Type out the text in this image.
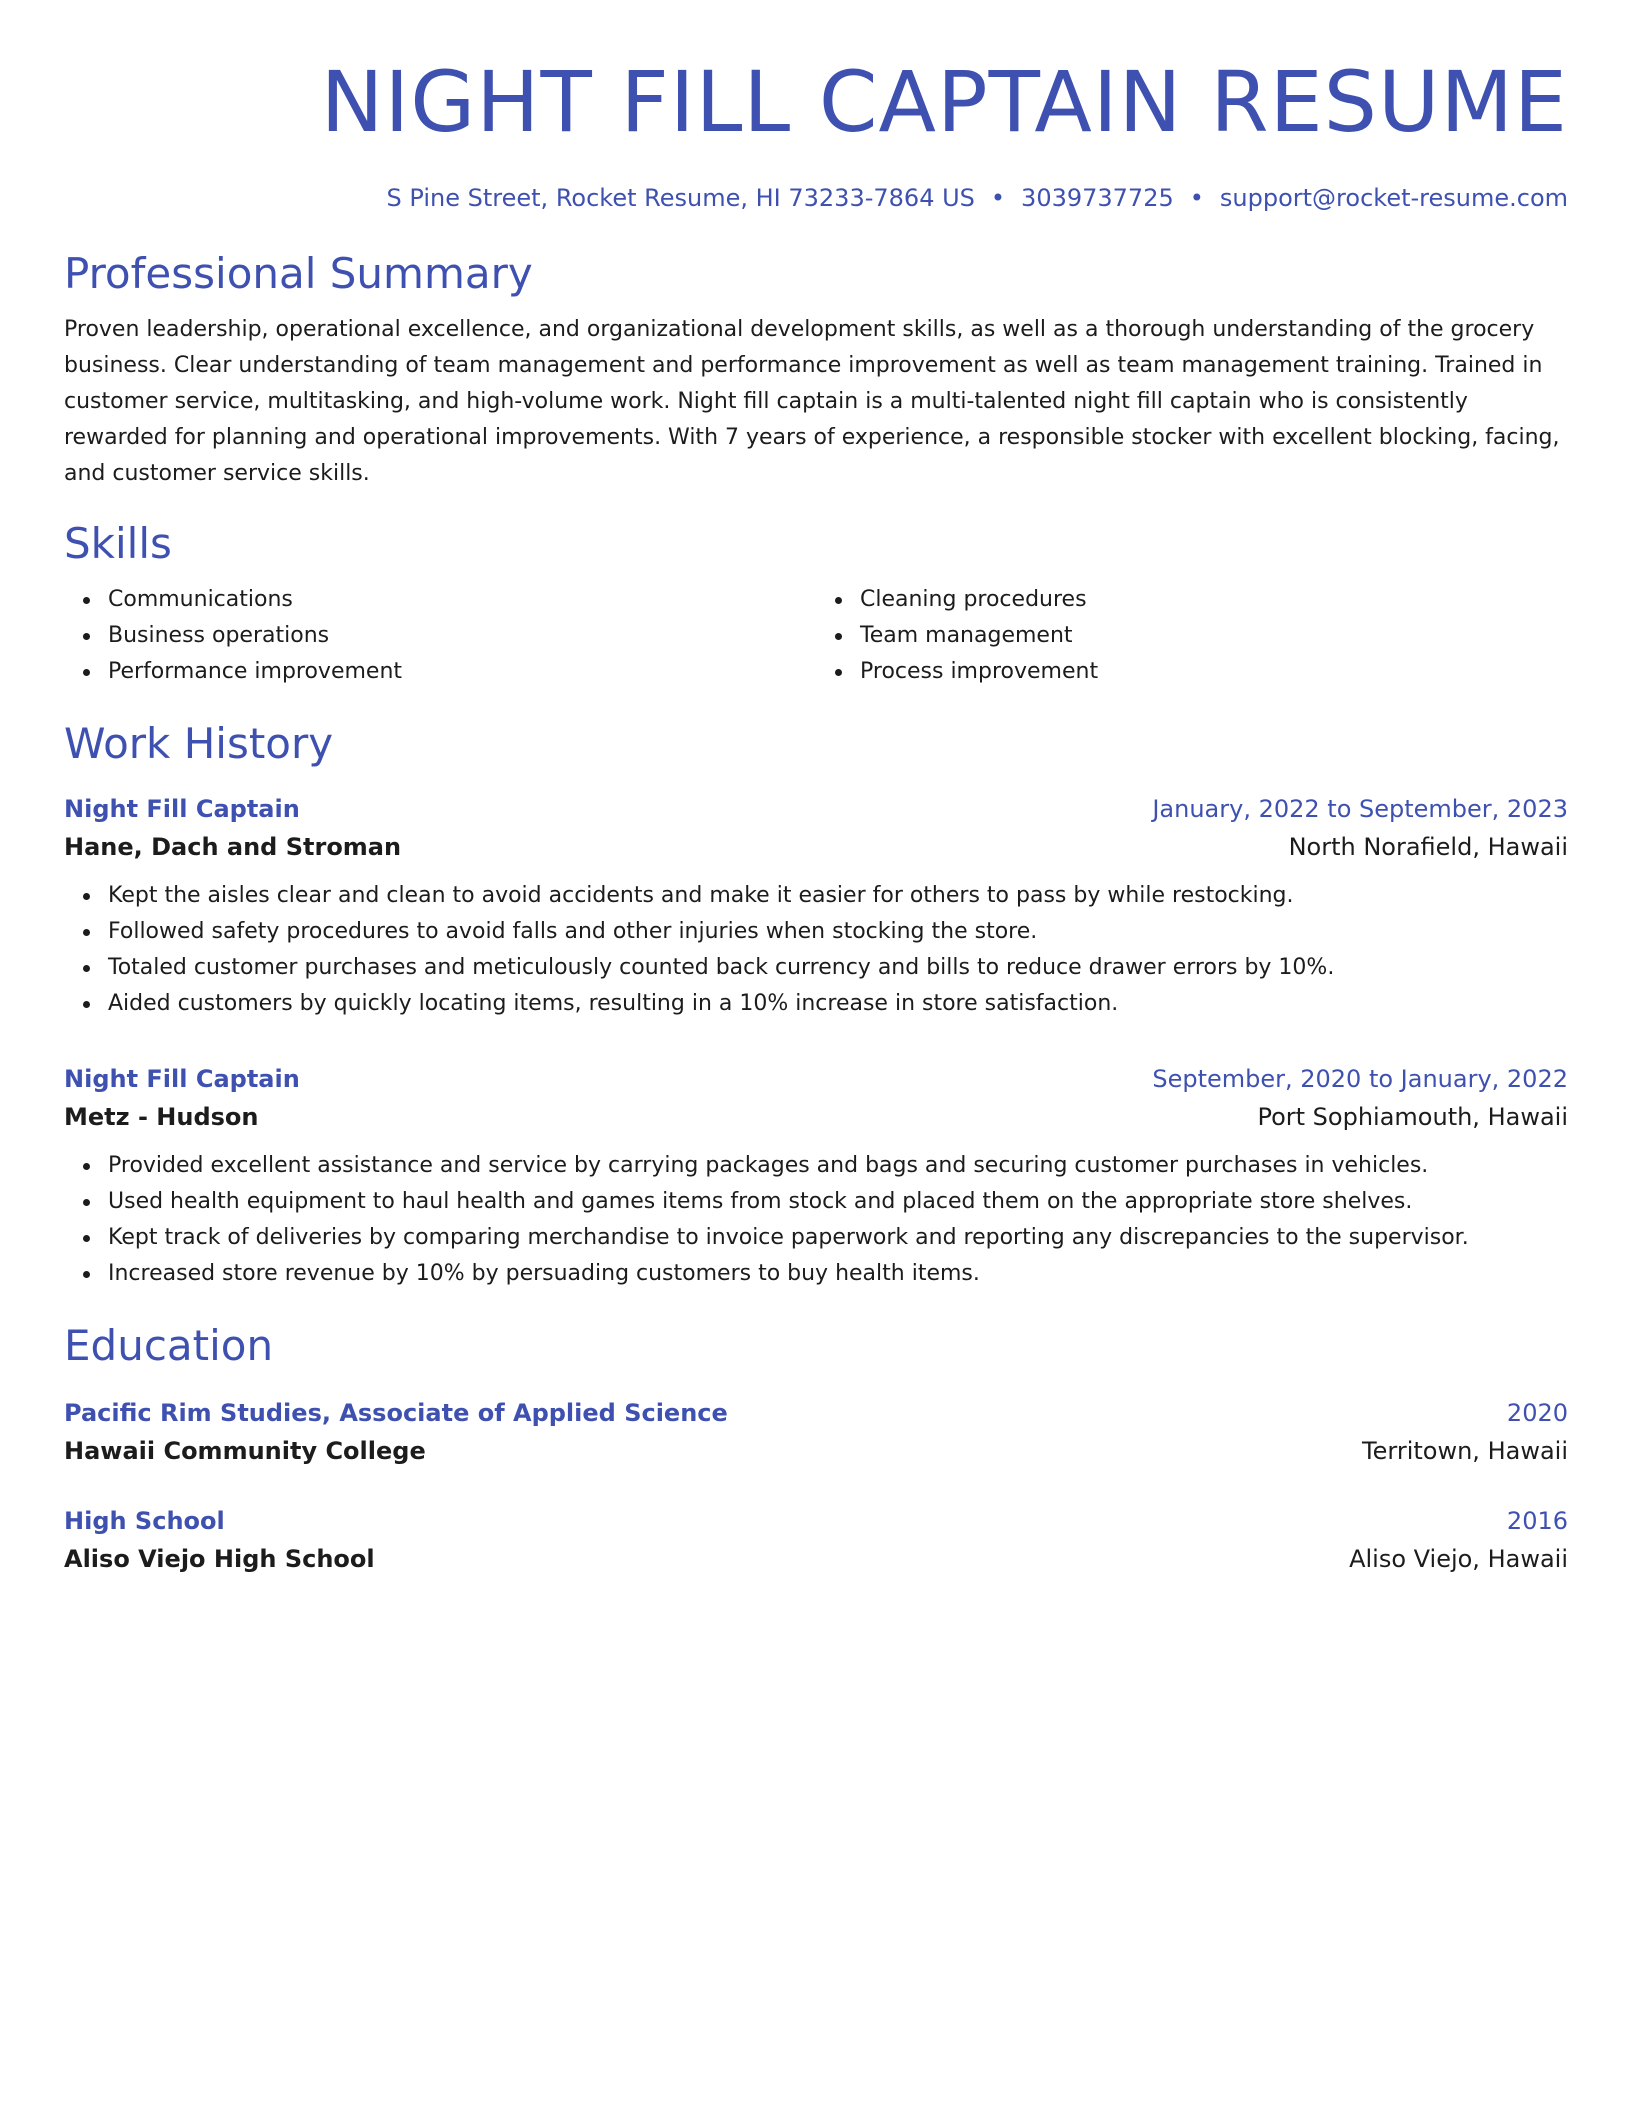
NIGHT FILL CAPTAIN RESUME
S Pine Street, Rocket Resume, HI 73233-7864 US • 3039737725 • support@rocket-resume.com
Professional Summary
Proven leadership, operational excellence, and organizational development skills, as well as a thorough understanding of the grocery business. Clear understanding of team management and performance improvement as well as team management training. Trained in customer service, multitasking, and high-volume work. Night fill captain is a multi-talented night fill captain who is consistently rewarded for planning and operational improvements. With 7 years of experience, a responsible stocker with excellent blocking, facing, and customer service skills.
Skills
Communications
Business operations
Performance improvement
Cleaning procedures
Team management
Process improvement
Work History
Night Fill Captain	January, 2022 to September, 2023
Hane, Dach and Stroman	North Norafield, Hawaii
Kept the aisles clear and clean to avoid accidents and make it easier for others to pass by while restocking.
Followed safety procedures to avoid falls and other injuries when stocking the store.
Totaled customer purchases and meticulously counted back currency and bills to reduce drawer errors by 10%.
Aided customers by quickly locating items, resulting in a 10% increase in store satisfaction.
Night Fill Captain	September, 2020 to January, 2022
Metz - Hudson	Port Sophiamouth, Hawaii
Provided excellent assistance and service by carrying packages and bags and securing customer purchases in vehicles.
Used health equipment to haul health and games items from stock and placed them on the appropriate store shelves.
Kept track of deliveries by comparing merchandise to invoice paperwork and reporting any discrepancies to the supervisor.
Increased store revenue by 10% by persuading customers to buy health items.
Education
Pacific Rim Studies, Associate of Applied Science	2020
Hawaii Community College	Territown, Hawaii
High School	2016
Aliso Viejo High School	Aliso Viejo, Hawaii
